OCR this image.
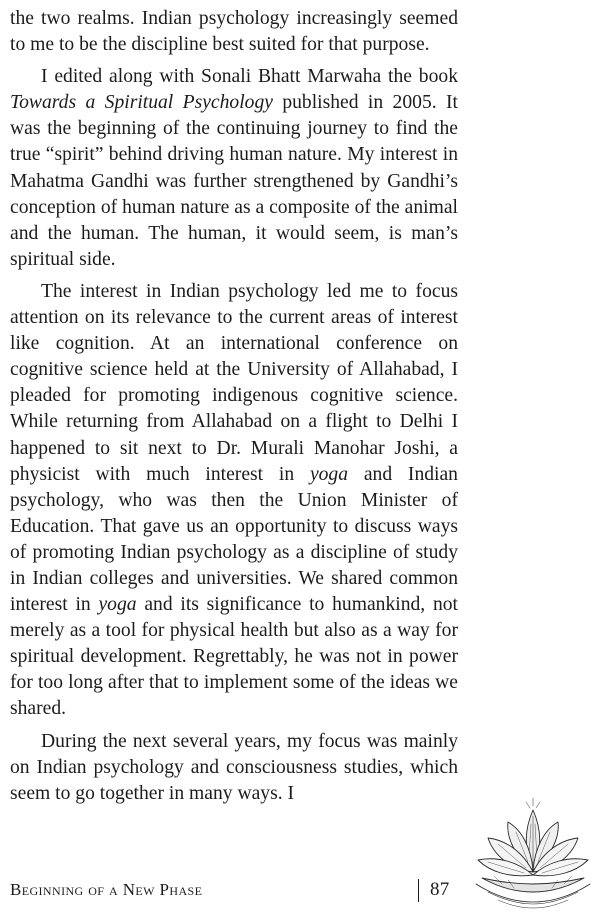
the two realms. Indian psychology increasingly seemed to me to be the discipline best suited for that purpose.

I edited along with Sonali Bhatt Marwaha the book Towards a Spiritual Psychology published in 2005. It was the beginning of the continuing journey to find the true “spirit” behind driving human nature. My interest in Mahatma Gandhi was further strengthened by Gandhi’s conception of human nature as a composite of the animal and the human. The human, it would seem, is man’s spiritual side.

The interest in Indian psychology led me to focus attention on its relevance to the current areas of interest like cognition. At an international conference on cognitive science held at the University of Allahabad, I pleaded for promoting indigenous cognitive science. While returning from Allahabad on a flight to Delhi I happened to sit next to Dr. Murali Manohar Joshi, a physicist with much interest in yoga and Indian psychology, who was then the Union Minister of Education. That gave us an opportunity to discuss ways of promoting Indian psychology as a discipline of study in Indian colleges and universities. We shared common interest in yoga and its significance to humankind, not merely as a tool for physical health but also as a way for spiritual development. Regrettably, he was not in power for too long after that to implement some of the ideas we shared.

During the next several years, my focus was mainly on Indian psychology and consciousness studies, which seem to go together in many ways. I

Beginning of a New Phase	87
